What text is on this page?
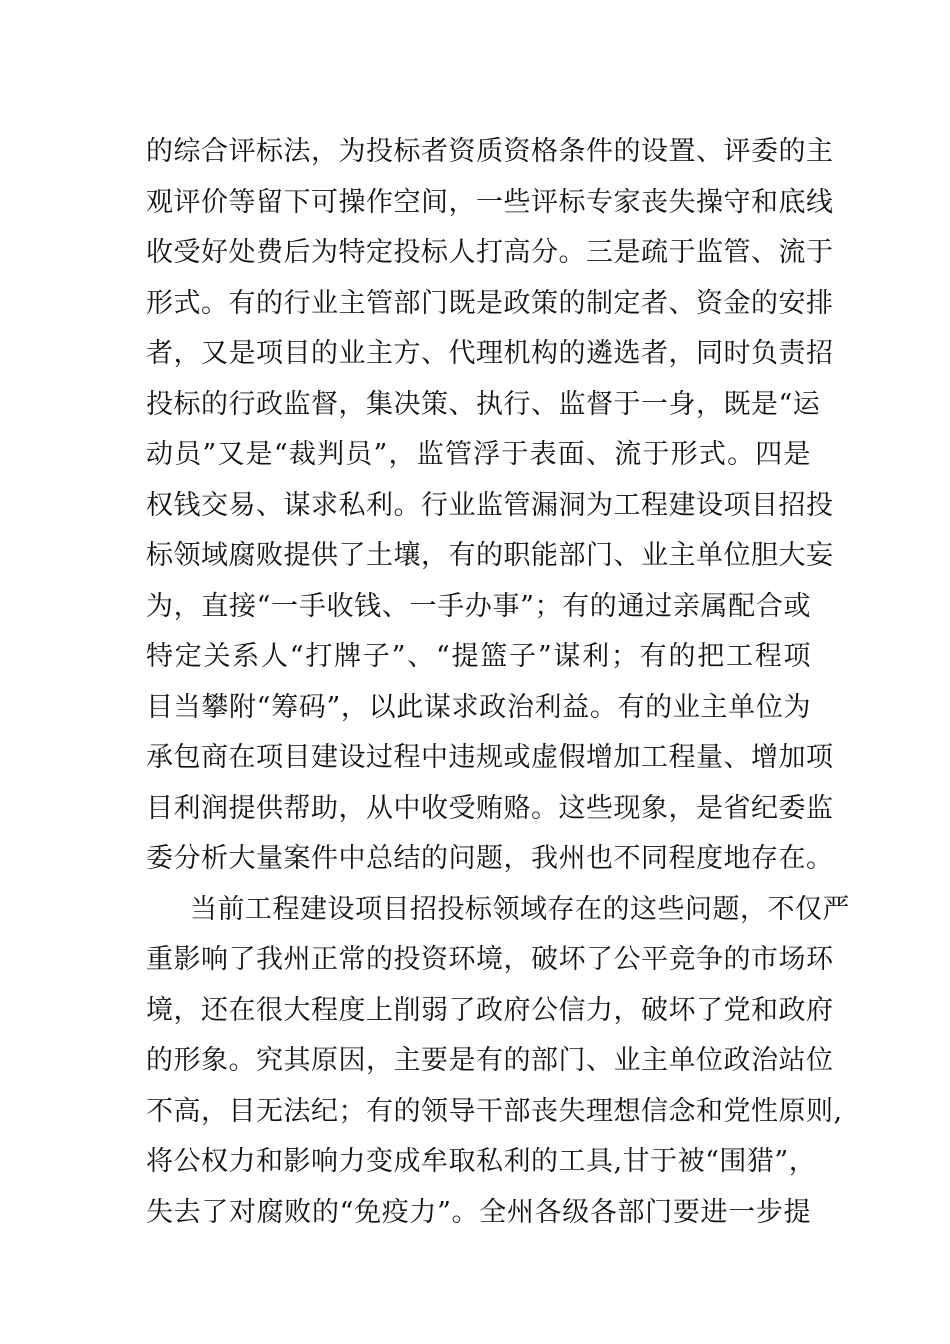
的综合评标法，为投标者资质资格条件的设置、评委的主
观评价等留下可操作空间，一些评标专家丧失操守和底线
收受好处费后为特定投标人打高分。三是疏于监管、流于
形式。有的行业主管部门既是政策的制定者、资金的安排
者，又是项目的业主方、代理机构的遴选者，同时负责招
投标的行政监督，集决策、执行、监督于一身，既是“运
动员”又是“裁判员”，监管浮于表面、流于形式。四是
权钱交易、谋求私利。行业监管漏洞为工程建设项目招投
标领域腐败提供了土壤，有的职能部门、业主单位胆大妄
为，直接“一手收钱、一手办事”；有的通过亲属配合或
特定关系人“打牌子”、“提篮子”谋利；有的把工程项
目当攀附“筹码”，以此谋求政治利益。有的业主单位为
承包商在项目建设过程中违规或虚假增加工程量、增加项
目利润提供帮助，从中收受贿赂。这些现象，是省纪委监
委分析大量案件中总结的问题，我州也不同程度地存在。
当前工程建设项目招投标领域存在的这些问题，不仅严
重影响了我州正常的投资环境，破坏了公平竞争的市场环
境，还在很大程度上削弱了政府公信力，破坏了党和政府
的形象。究其原因，主要是有的部门、业主单位政治站位
不高，目无法纪；有的领导干部丧失理想信念和党性原则,
将公权力和影响力变成牟取私利的工具,甘于被“围猎”，
失去了对腐败的“免疫力”。全州各级各部门要进一步提
